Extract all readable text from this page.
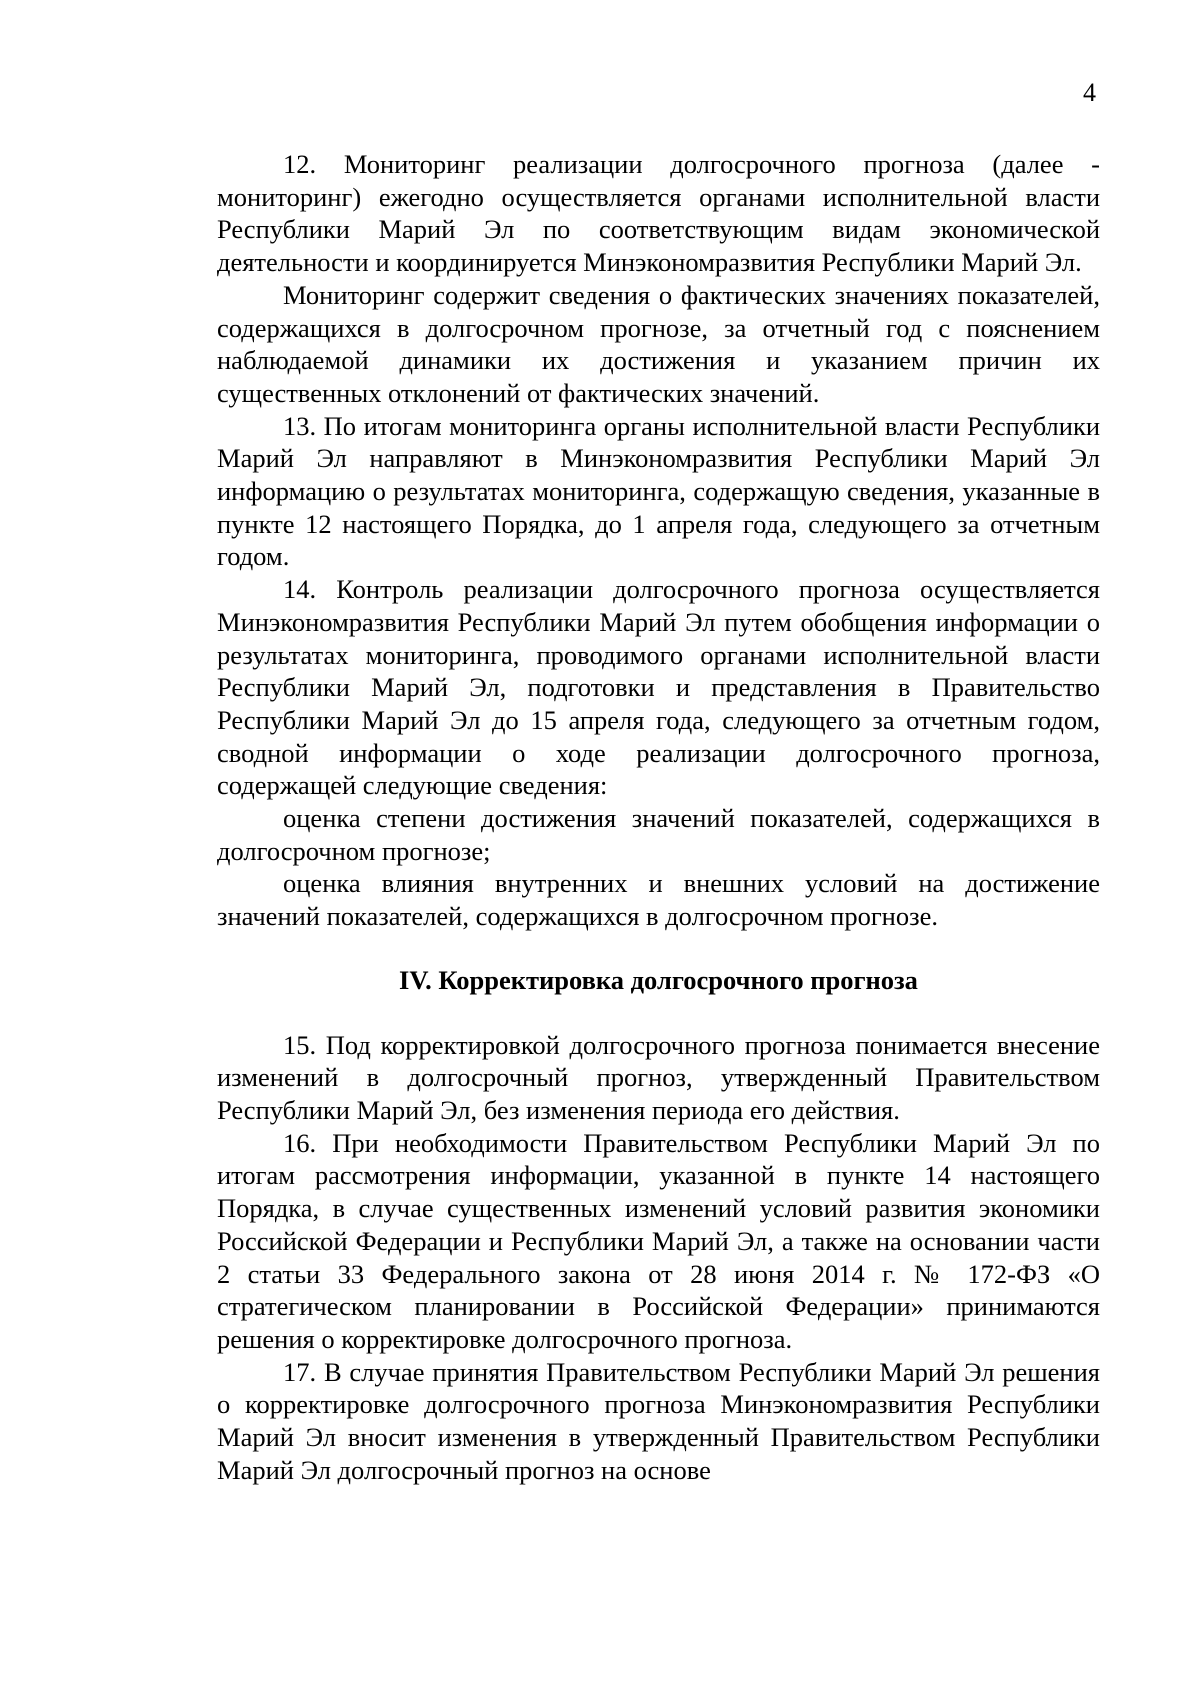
4

12. Мониторинг реализации долгосрочного прогноза (далее - мониторинг) ежегодно осуществляется органами исполнительной власти Республики Марий Эл по соответствующим видам экономической деятельности и координируется Минэкономразвития Республики Марий Эл.

Мониторинг содержит сведения о фактических значениях показателей, содержащихся в долгосрочном прогнозе, за отчетный год с пояснением наблюдаемой динамики их достижения и указанием причин их существенных отклонений от фактических значений.

13. По итогам мониторинга органы исполнительной власти Республики Марий Эл направляют в Минэкономразвития Республики Марий Эл информацию о результатах мониторинга, содержащую сведения, указанные в пункте 12 настоящего Порядка, до 1 апреля года, следующего за отчетным годом.

14. Контроль реализации долгосрочного прогноза осуществляется Минэкономразвития Республики Марий Эл путем обобщения информации о результатах мониторинга, проводимого органами исполнительной власти Республики Марий Эл, подготовки и представления в Правительство Республики Марий Эл до 15 апреля года, следующего за отчетным годом, сводной информации о ходе реализации долгосрочного прогноза, содержащей следующие сведения:

оценка степени достижения значений показателей, содержащихся в долгосрочном прогнозе;

оценка влияния внутренних и внешних условий на достижение значений показателей, содержащихся в долгосрочном прогнозе.

IV. Корректировка долгосрочного прогноза

15. Под корректировкой долгосрочного прогноза понимается внесение изменений в долгосрочный прогноз, утвержденный Правительством Республики Марий Эл, без изменения периода его действия.

16. При необходимости Правительством Республики Марий Эл по итогам рассмотрения информации, указанной в пункте 14 настоящего Порядка, в случае существенных изменений условий развития экономики Российской Федерации и Республики Марий Эл, а также на основании части 2 статьи 33 Федерального закона от 28 июня 2014 г. № 172-ФЗ «О стратегическом планировании в Российской Федерации» принимаются решения о корректировке долгосрочного прогноза.

17. В случае принятия Правительством Республики Марий Эл решения о корректировке долгосрочного прогноза Минэкономразвития Республики Марий Эл вносит изменения в утвержденный Правительством Республики Марий Эл долгосрочный прогноз на основе
